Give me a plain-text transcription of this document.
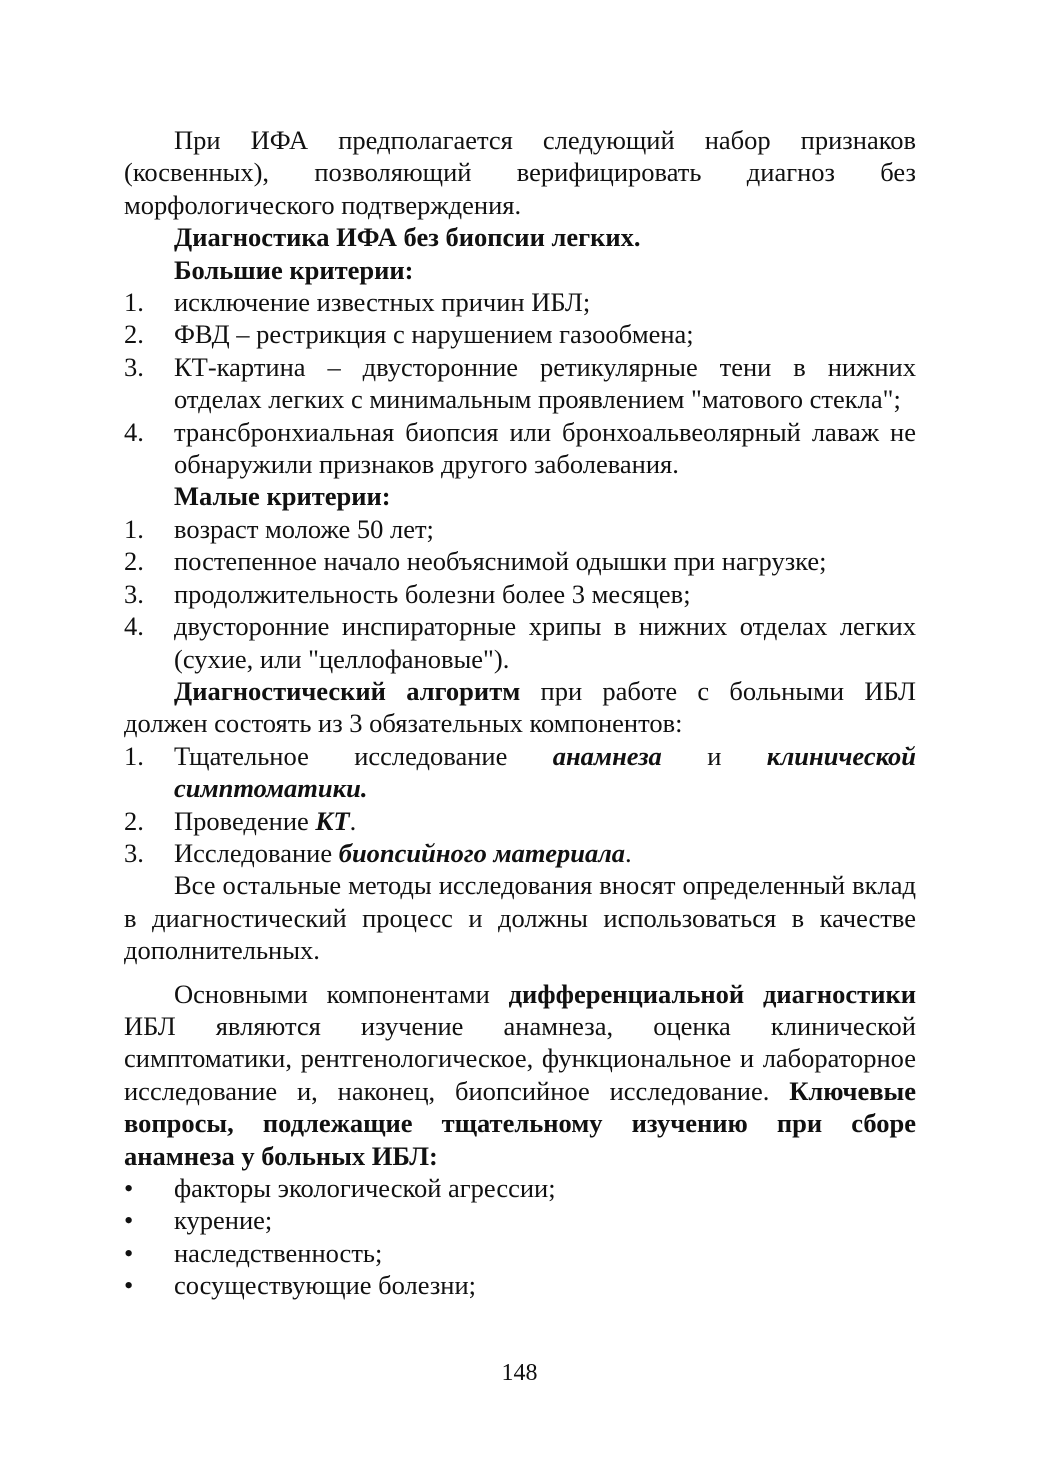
При ИФА предполагается следующий набор признаков (косвенных), позволяющий верифицировать диагноз без морфологического подтверждения.

Диагностика ИФА без биопсии легких.
Большие критерии:
1. исключение известных причин ИБЛ;
2. ФВД – рестрикция с нарушением газообмена;
3. КТ-картина – двусторонние ретикулярные тени в нижних отделах легких с минимальным проявлением "матового стекла";
4. трансбронхиальная биопсия или бронхоальвеолярный лаваж не обнаружили признаков другого заболевания.
Малые критерии:
1. возраст моложе 50 лет;
2. постепенное начало необъяснимой одышки при нагрузке;
3. продолжительность болезни более 3 месяцев;
4. двусторонние инспираторные хрипы в нижних отделах легких (сухие, или "целлофановые").

Диагностический алгоритм при работе с больными ИБЛ должен состоять из 3 обязательных компонентов:

1. Тщательное исследование анамнеза и клинической симптоматики.
2. Проведение КТ.
3. Исследование биопсийного материала.

Все остальные методы исследования вносят определенный вклад в диагностический процесс и должны использоваться в качестве дополнительных.

Основными компонентами дифференциальной диагностики ИБЛ являются изучение анамнеза, оценка клинической симптоматики, рентгенологическое, функциональное и лабораторное исследование и, наконец, биопсийное исследование. Ключевые вопросы, подлежащие тщательному изучению при сборе анамнеза у больных ИБЛ:

• факторы экологической агрессии;
• курение;
• наследственность;
• сосуществующие болезни;
148
